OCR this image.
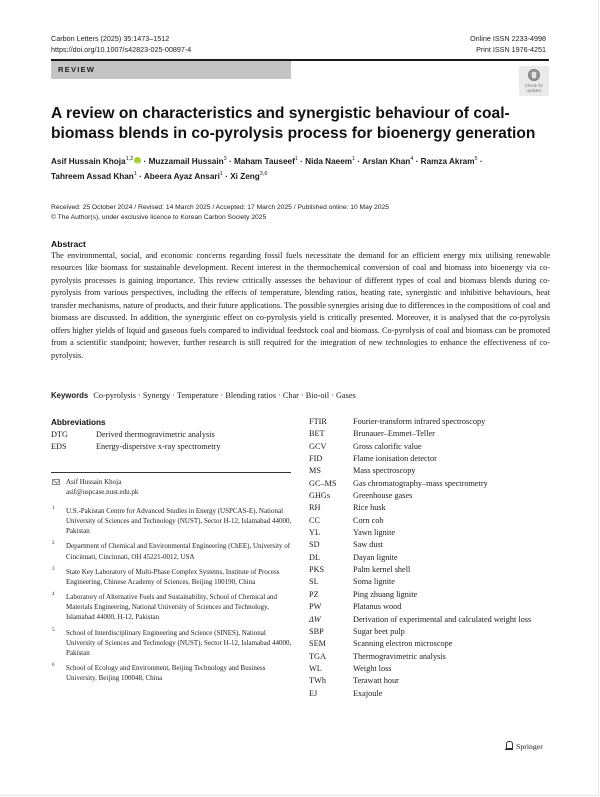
Carbon Letters (2025) 35:1473–1512
https://doi.org/10.1007/s42823-025-00897-4
Online ISSN 2233-4998
Print ISSN 1976-4251
REVIEW
Check for
updates
A review on characteristics and synergistic behaviour of coal-biomass blends in co-pyrolysis process for bioenergy generation
Asif Hussain Khoja$^{1,2}$iD · Muzzamail Hussain$^3$ · Maham Tauseef$^1$ · Nida Naeem$^1$ · Arslan Khan$^4$ · Ramza Akram$^5$ ·
Tahreem Assad Khan$^1$ · Abeera Ayaz Ansari$^1$ · Xi Zeng$^{3,6}$
Received: 25 October 2024 / Revised: 14 March 2025 / Accepted: 17 March 2025 / Published online: 10 May 2025
© The Author(s), under exclusive licence to Korean Carbon Society 2025
Abstract
The environmental, social, and economic concerns regarding fossil fuels necessitate the demand for an efficient energy mix utilising renewable resources like biomass for sustainable development. Recent interest in the thermochemical conversion of coal and biomass into bioenergy via co-pyrolysis processes is gaining importance. This review critically assesses the behaviour of different types of coal and biomass blends during co-pyrolysis from various perspectives, including the effects of temperature, blending ratios, heating rate, synergistic and inhibitive behaviours, heat transfer mechanisms, nature of products, and their future applications. The possible synergies arising due to differences in the compositions of coal and biomass are discussed. In addition, the synergistic effect on co-pyrolysis yield is critically presented. Moreover, it is analysed that the co-pyrolysis offers higher yields of liquid and gaseous fuels compared to individual feedstock coal and biomass. Co-pyrolysis of coal and biomass can be promoted from a scientific standpoint; however, further research is still required for the integration of new technologies to enhance the effectiveness of co-pyrolysis.
Keywords Co-pyrolysis · Synergy · Temperature · Blending ratios · Char · Bio-oil · Gases
Abbreviations
DTG	Derived thermogravimetric analysis
EDS	Energy-dispersive x-ray spectrometry
FTIR	Fourier-transform infrared spectroscopy
BET	Brunauer–Emmet–Teller
GCV	Gross calorific value
FID	Flame ionisation detector
MS	Mass spectroscopy
GC–MS	Gas chromatography–mass spectrometry
GHGs	Greenhouse gases
RH	Rice husk
CC	Corn cob
YL	Yawn lignite
SD	Saw dust
DL	Dayan lignite
PKS	Palm kernel shell
SL	Soma lignite
PZ	Ping zhuang lignite
PW	Platanus wood
ΔW	Derivation of experimental and calculated weight loss
SBP	Sugar beet pulp
SEM	Scanning electron microscope
TGA	Thermogravimetric analysis
WL	Weight loss
TWh	Terawatt hour
EJ	Exajoule
Asif Hussain Khoja
asif@uspcase.nust.edu.pk
1 U.S.-Pakistan Centre for Advanced Studies in Energy (USPCAS-E), National University of Sciences and Technology (NUST), Sector H-12, Islamabad 44000, Pakistan
2 Department of Chemical and Environmental Engineering (ChEE), University of Cincinnati, Cincinnati, OH 45221-0012, USA
3 State Key Laboratory of Multi-Phase Complex Systems, Institute of Process Engineering, Chinese Academy of Sciences, Beijing 100190, China
4 Laboratory of Alternative Fuels and Sustainability, School of Chemical and Materials Engineering, National University of Sciences and Technology, Islamabad 44000, H-12, Pakistan
5 School of Interdisciplinary Engineering and Science (SINES), National University of Sciences and Technology (NUST), Sector H-12, Islamabad 44000, Pakistan
6 School of Ecology and Environment, Beijing Technology and Business University, Beijing 100048, China
Springer
